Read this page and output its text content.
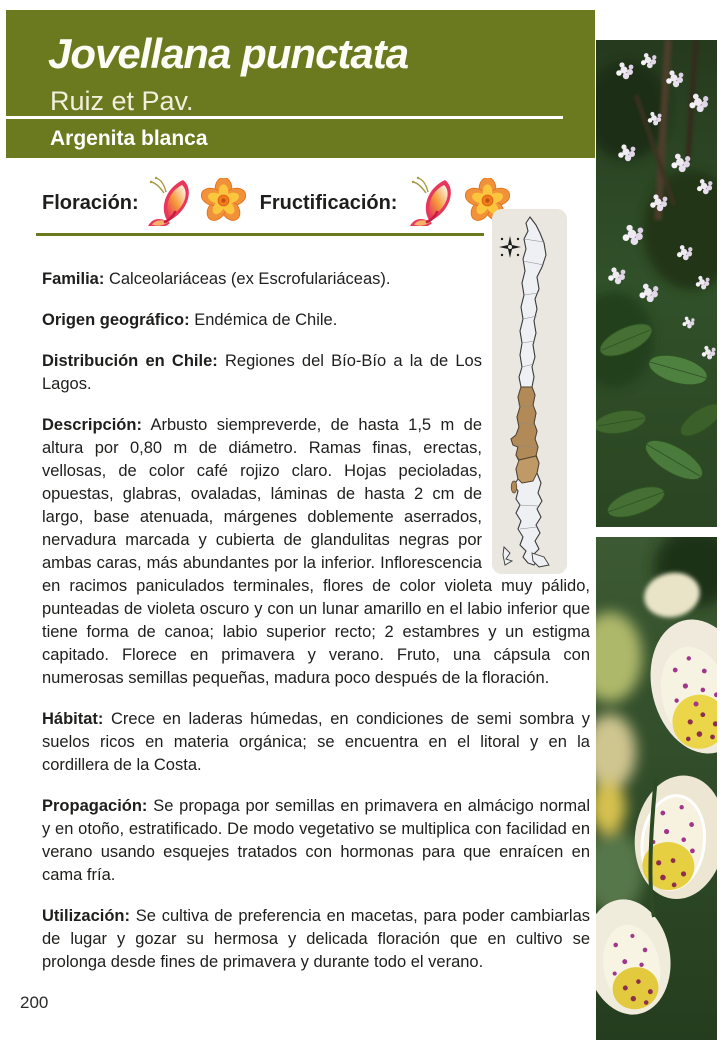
Jovellana punctata
Ruiz et Pav.
Argenita blanca
Floración:	Fructificación:

Familia: Calceolariáceas (ex Escrofulariáceas).

Origen geográfico: Endémica de Chile.

Distribución en Chile: Regiones del Bío-Bío a la de Los Lagos.

Descripción: Arbusto siempreverde, de hasta 1,5 m de altura por 0,80 m de diámetro. Ramas finas, erectas, vellosas, de color café rojizo claro. Hojas pecioladas, opuestas, glabras, ovaladas, láminas de hasta 2 cm de largo, base atenuada, márgenes doblemente aserrados, nervadura marcada y cubierta de glandulitas negras por ambas caras, más abundantes por la inferior. Inflorescencia en racimos paniculados terminales, flores de color violeta muy pálido, punteadas de violeta oscuro y con un lunar amarillo en el labio inferior que tiene forma de canoa; labio superior recto; 2 estambres y un estigma capitado. Florece en primavera y verano. Fruto, una cápsula con numerosas semillas pequeñas, madura poco después de la floración.

Hábitat: Crece en laderas húmedas, en condiciones de semi sombra y suelos ricos en materia orgánica; se encuentra en el litoral y en la cordillera de la Costa.

Propagación: Se propaga por semillas en primavera en almácigo normal y en otoño, estratificado. De modo vegetativo se multiplica con facilidad en verano usando esquejes tratados con hormonas para que enraícen en cama fría.

Utilización: Se cultiva de preferencia en macetas, para poder cambiarlas de lugar y gozar su hermosa y delicada floración que en cultivo se prolonga desde fines de primavera y durante todo el verano.

200
